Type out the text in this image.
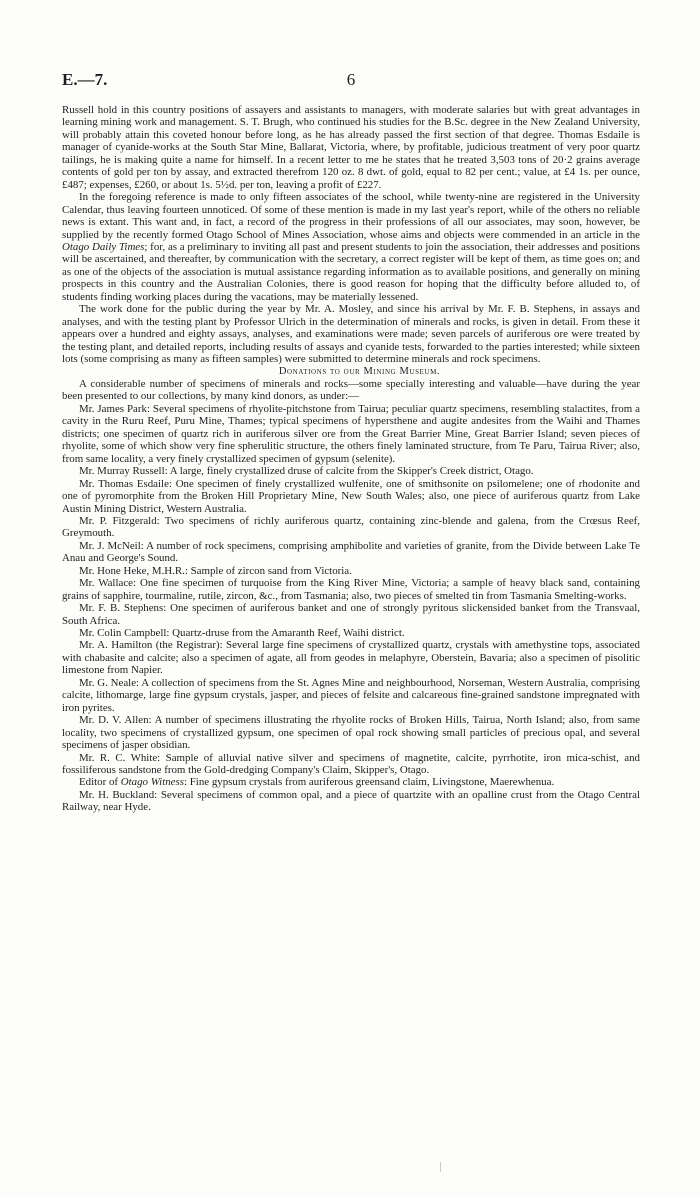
E.—7.	6

Russell hold in this country positions of assayers and assistants to managers, with moderate salaries but with great advantages in learning mining work and management. S. T. Brugh, who continued his studies for the B.Sc. degree in the New Zealand University, will probably attain this coveted honour before long, as he has already passed the first section of that degree. Thomas Esdaile is manager of cyanide-works at the South Star Mine, Ballarat, Victoria, where, by profitable, judicious treatment of very poor quartz tailings, he is making quite a name for himself. In a recent letter to me he states that he treated 3,503 tons of 20·2 grains average contents of gold per ton by assay, and extracted therefrom 120 oz. 8 dwt. of gold, equal to 82 per cent.; value, at £4 1s. per ounce, £487; expenses, £260, or about 1s. 5½d. per ton, leaving a profit of £227.

In the foregoing reference is made to only fifteen associates of the school, while twenty-nine are registered in the University Calendar, thus leaving fourteen unnoticed. Of some of these mention is made in my last year's report, while of the others no reliable news is extant. This want and, in fact, a record of the progress in their professions of all our associates, may soon, however, be supplied by the recently formed Otago School of Mines Association, whose aims and objects were commended in an article in the Otago Daily Times; for, as a preliminary to inviting all past and present students to join the association, their addresses and positions will be ascertained, and thereafter, by communication with the secretary, a correct register will be kept of them, as time goes on; and as one of the objects of the association is mutual assistance regarding information as to available positions, and generally on mining prospects in this country and the Australian Colonies, there is good reason for hoping that the difficulty before alluded to, of students finding working places during the vacations, may be materially lessened.

The work done for the public during the year by Mr. A. Mosley, and since his arrival by Mr. F. B. Stephens, in assays and analyses, and with the testing plant by Professor Ulrich in the determination of minerals and rocks, is given in detail. From these it appears over a hundred and eighty assays, analyses, and examinations were made; seven parcels of auriferous ore were treated by the testing plant, and detailed reports, including results of assays and cyanide tests, forwarded to the parties interested; while sixteen lots (some comprising as many as fifteen samples) were submitted to determine minerals and rock specimens.

Donations to our Mining Museum.

A considerable number of specimens of minerals and rocks—some specially interesting and valuable—have during the year been presented to our collections, by many kind donors, as under:—

Mr. James Park: Several specimens of rhyolite-pitchstone from Tairua; peculiar quartz specimens, resembling stalactites, from a cavity in the Ruru Reef, Puru Mine, Thames; typical specimens of hypersthene and augite andesites from the Waihi and Thames districts; one specimen of quartz rich in auriferous silver ore from the Great Barrier Mine, Great Barrier Island; seven pieces of rhyolite, some of which show very fine spherulitic structure, the others finely laminated structure, from Te Paru, Tairua River; also, from same locality, a very finely crystallized specimen of gypsum (selenite).

Mr. Murray Russell: A large, finely crystallized druse of calcite from the Skipper's Creek district, Otago.

Mr. Thomas Esdaile: One specimen of finely crystallized wulfenite, one of smithsonite on psilomelene; one of rhodonite and one of pyromorphite from the Broken Hill Proprietary Mine, New South Wales; also, one piece of auriferous quartz from Lake Austin Mining District, Western Australia.

Mr. P. Fitzgerald: Two specimens of richly auriferous quartz, containing zinc-blende and galena, from the Crœsus Reef, Greymouth.

Mr. J. McNeil: A number of rock specimens, comprising amphibolite and varieties of granite, from the Divide between Lake Te Anau and George's Sound.

Mr. Hone Heke, M.H.R.: Sample of zircon sand from Victoria.

Mr. Wallace: One fine specimen of turquoise from the King River Mine, Victoria; a sample of heavy black sand, containing grains of sapphire, tourmaline, rutile, zircon, &c., from Tasmania; also, two pieces of smelted tin from Tasmania Smelting-works.

Mr. F. B. Stephens: One specimen of auriferous banket and one of strongly pyritous slickensided banket from the Transvaal, South Africa.

Mr. Colin Campbell: Quartz-druse from the Amaranth Reef, Waihi district.

Mr. A. Hamilton (the Registrar): Several large fine specimens of crystallized quartz, crystals with amethystine tops, associated with chabasite and calcite; also a specimen of agate, all from geodes in melaphyre, Oberstein, Bavaria; also a specimen of pisolitic limestone from Napier.

Mr. G. Neale: A collection of specimens from the St. Agnes Mine and neighbourhood, Norseman, Western Australia, comprising calcite, lithomarge, large fine gypsum crystals, jasper, and pieces of felsite and calcareous fine-grained sandstone impregnated with iron pyrites.

Mr. D. V. Allen: A number of specimens illustrating the rhyolite rocks of Broken Hills, Tairua, North Island; also, from same locality, two specimens of crystallized gypsum, one specimen of opal rock showing small particles of precious opal, and several specimens of jasper obsidian.

Mr. R. C. White: Sample of alluvial native silver and specimens of magnetite, calcite, pyrrhotite, iron mica-schist, and fossiliferous sandstone from the Gold-dredging Company's Claim, Skipper's, Otago.

Editor of Otago Witness: Fine gypsum crystals from auriferous greensand claim, Livingstone, Maerewhenua.

Mr. H. Buckland: Several specimens of common opal, and a piece of quartzite with an opalline crust from the Otago Central Railway, near Hyde.
